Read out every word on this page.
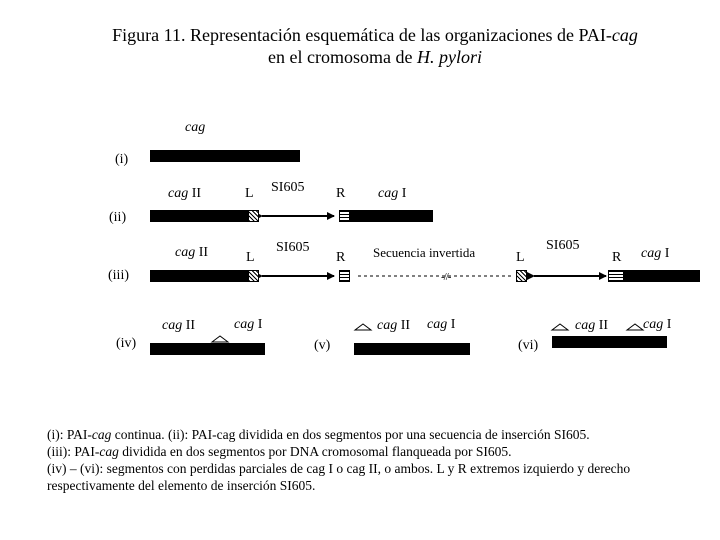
Figura 11. Representación esquemática de las organizaciones de PAI-cag
en el cromosoma de H. pylori
cag
(i)
cag II	L SI605 R cag I
(ii)
cag II	L
SI605
R Secuencia invertida
-//-
L
SI605
R cag I
(iii)
cag II	cag I
(iv)
cag II cag I
(v)
cag II cag I
(vi)
(i): PAI-cag continua. (ii): PAI-cag dividida en dos segmentos por una secuencia de inserción SI605.
(iii): PAI-cag dividida en dos segmentos por DNA cromosomal flanqueada por SI605.
(iv) – (vi): segmentos con perdidas parciales de cag I o cag II, o ambos. L y R extremos izquierdo y derecho
respectivamente del elemento de inserción SI605.
